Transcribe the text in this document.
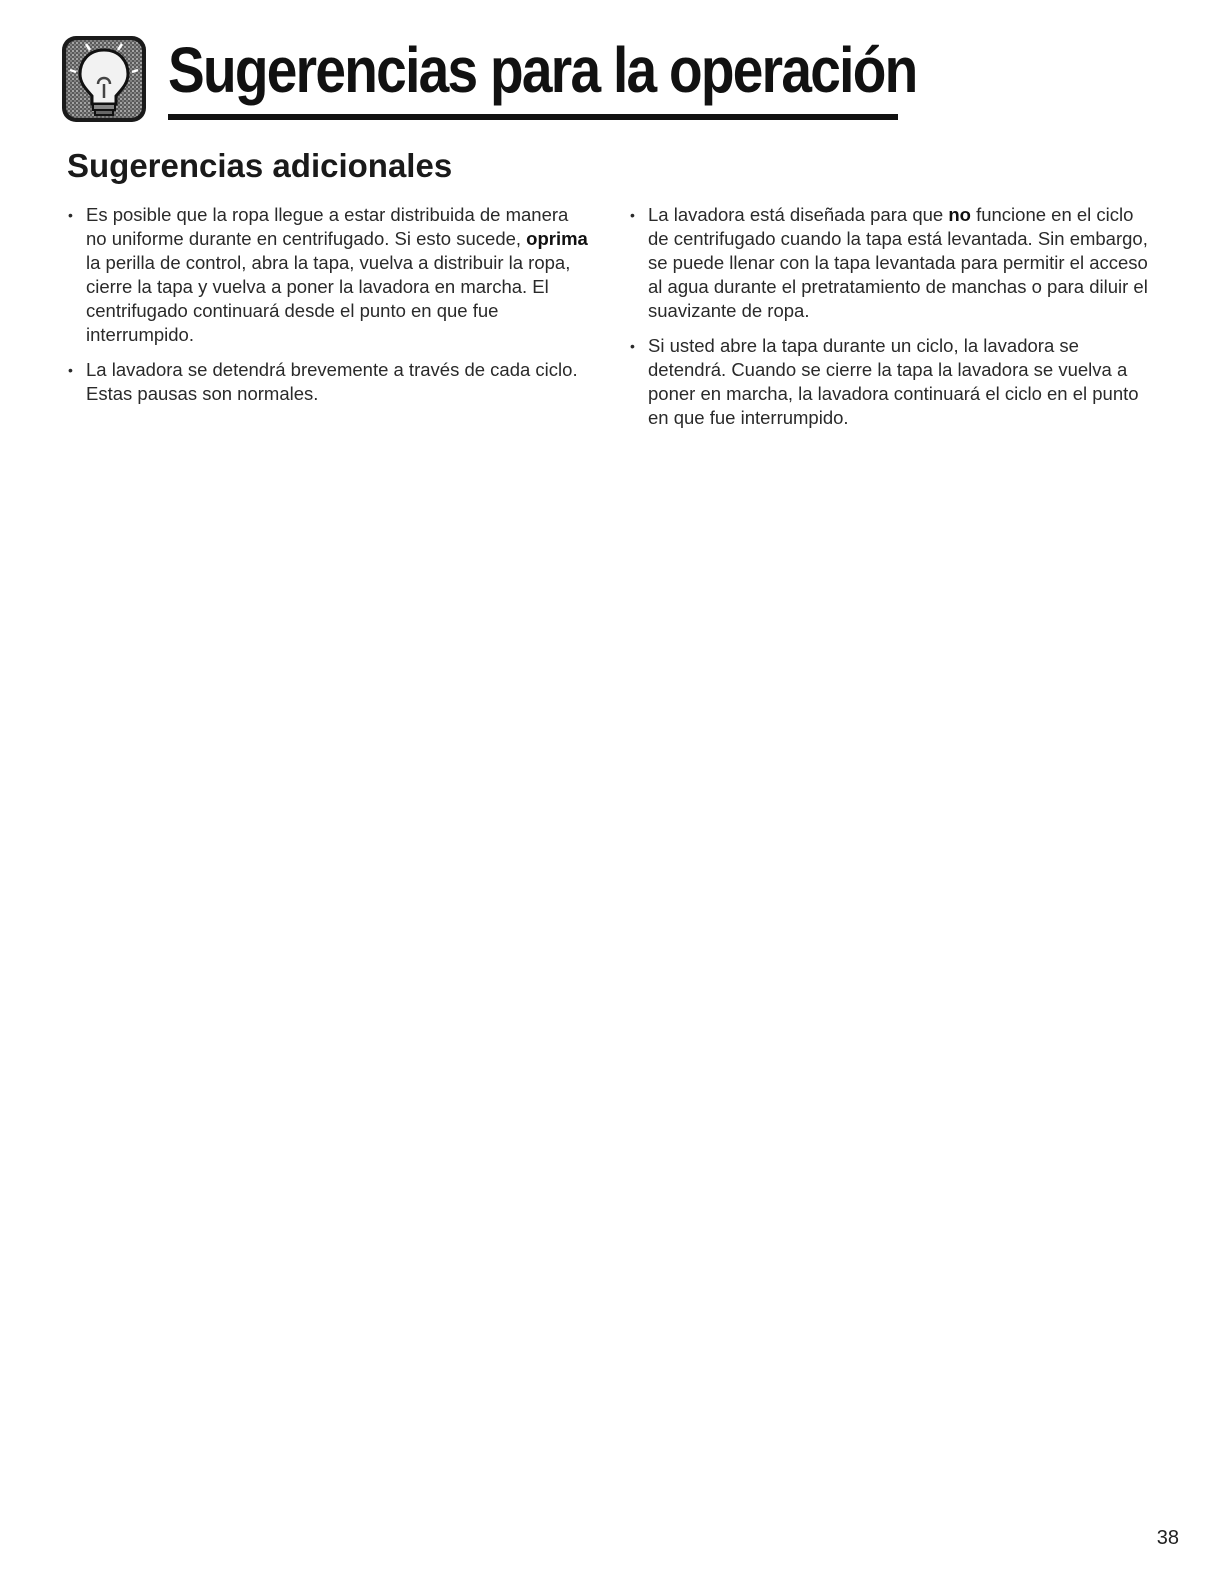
Sugerencias para la operación
Sugerencias adicionales
• Es posible que la ropa llegue a estar distribuida de manera no uniforme durante en centrifugado. Si esto sucede, oprima la perilla de control, abra la tapa, vuelva a distribuir la ropa, cierre la tapa y vuelva a poner la lavadora en marcha. El centrifugado continuará desde el punto en que fue interrumpido.
• La lavadora se detendrá brevemente a través de cada ciclo. Estas pausas son normales.
• La lavadora está diseñada para que no funcione en el ciclo de centrifugado cuando la tapa está levantada. Sin embargo, se puede llenar con la tapa levantada para permitir el acceso al agua durante el pretratamiento de manchas o para diluir el suavizante de ropa.
• Si usted abre la tapa durante un ciclo, la lavadora se detendrá. Cuando se cierre la tapa la lavadora se vuelva a poner en marcha, la lavadora continuará el ciclo en el punto en que fue interrumpido.
38
